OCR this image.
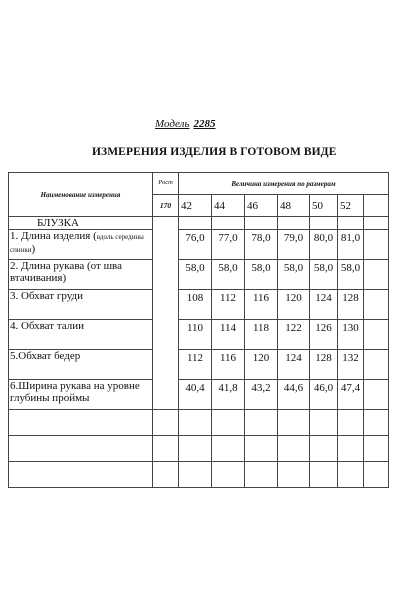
Модель 2285
ИЗМЕРЕНИЯ ИЗДЕЛИЯ В ГОТОВОМ ВИДЕ
Наименование измерения	Рост	Величина измерения по размерам						
	170	42	44	46	48	50	52	
БЛУЗКА								
1. Длина изделия (вдоль середины спинки)		76,0	77,0	78,0	79,0	80,0	81,0	
2. Длина рукава (от шва втачивания)		58,0	58,0	58,0	58,0	58,0	58,0	
3. Обхват груди		108	112	116	120	124	128	
4. Обхват талии		110	114	118	122	126	130	
5.Обхват бедер		112	116	120	124	128	132	
6.Ширина рукава на уровне глубины проймы		40,4	41,8	43,2	44,6	46,0	47,4	
